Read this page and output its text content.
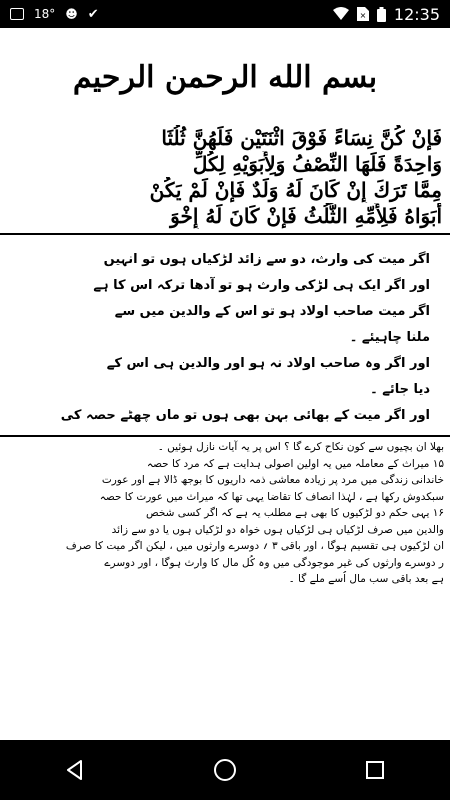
18° ☻ ✔	× 12:35
بسم الله الرحمن الرحيم
فَإِنْ كُنَّ نِسَاءً فَوْقَ اثْنَتَيْنِ فَلَهُنَّ ثُلُثَا
وَاحِدَةً فَلَهَا النِّصْفُ وَلِأَبَوَيْهِ لِكُلِّ
مِمَّا تَرَكَ إِنْ كَانَ لَهُ وَلَدٌ فَإِنْ لَمْ يَكُنْ
أَبَوَاهُ فَلِأُمِّهِ الثُّلُثُ فَإِنْ كَانَ لَهُ إِخْوَ
اگر میت کی وارث، دو سے زائد لڑکیاں ہوں تو انہیں
اور اگر ایک ہی لڑکی وارث ہو تو آدھا ترکہ اس کا ہے
اگر میت صاحب اولاد ہو تو اس کے والدین میں سے
ملنا چاہیئے ۔
اور اگر وہ صاحب اولاد نہ ہو اور والدین ہی اس کے
دیا جائے ۔
اور اگر میت کے بھائی بہن بھی ہوں تو ماں چھٹے حصہ کی
بھلا ان بچیوں سے کون نکاح کرے گا ؟ اس پر یہ آیات نازل ہوئیں ۔
۱۵ میراث کے معاملہ میں یہ اولین اصولی ہدایت ہے کہ مرد کا حصہ
خاندانی زندگی میں مرد پر زیادہ معاشی ذمہ داریوں کا بوجھ ڈالا ہے اور عورت
سبکدوش رکھا ہے ، لہٰذا انصاف کا تقاضا یہی تھا کہ میراث میں عورت کا حصہ
۱۶ یہی حکم دو لڑکیوں کا بھی ہے مطلب یہ ہے کہ اگر کسی شخص
والدین میں صرف لڑکیاں ہی لڑکیاں ہوں خواہ دو لڑکیاں ہوں یا دو سے زائد
ان لڑکیوں ہی تقسیم ہوگا ، اور باقی ۳ ؍ دوسرے وارثوں میں ، لیکن اگر میت کا صرف
ر دوسرے وارثوں کی غیر موجودگی میں وہ کُل مال کا وارث ہوگا ، اور دوسرے
ہے بعد باقی سب مال اُسے ملے گا ۔
